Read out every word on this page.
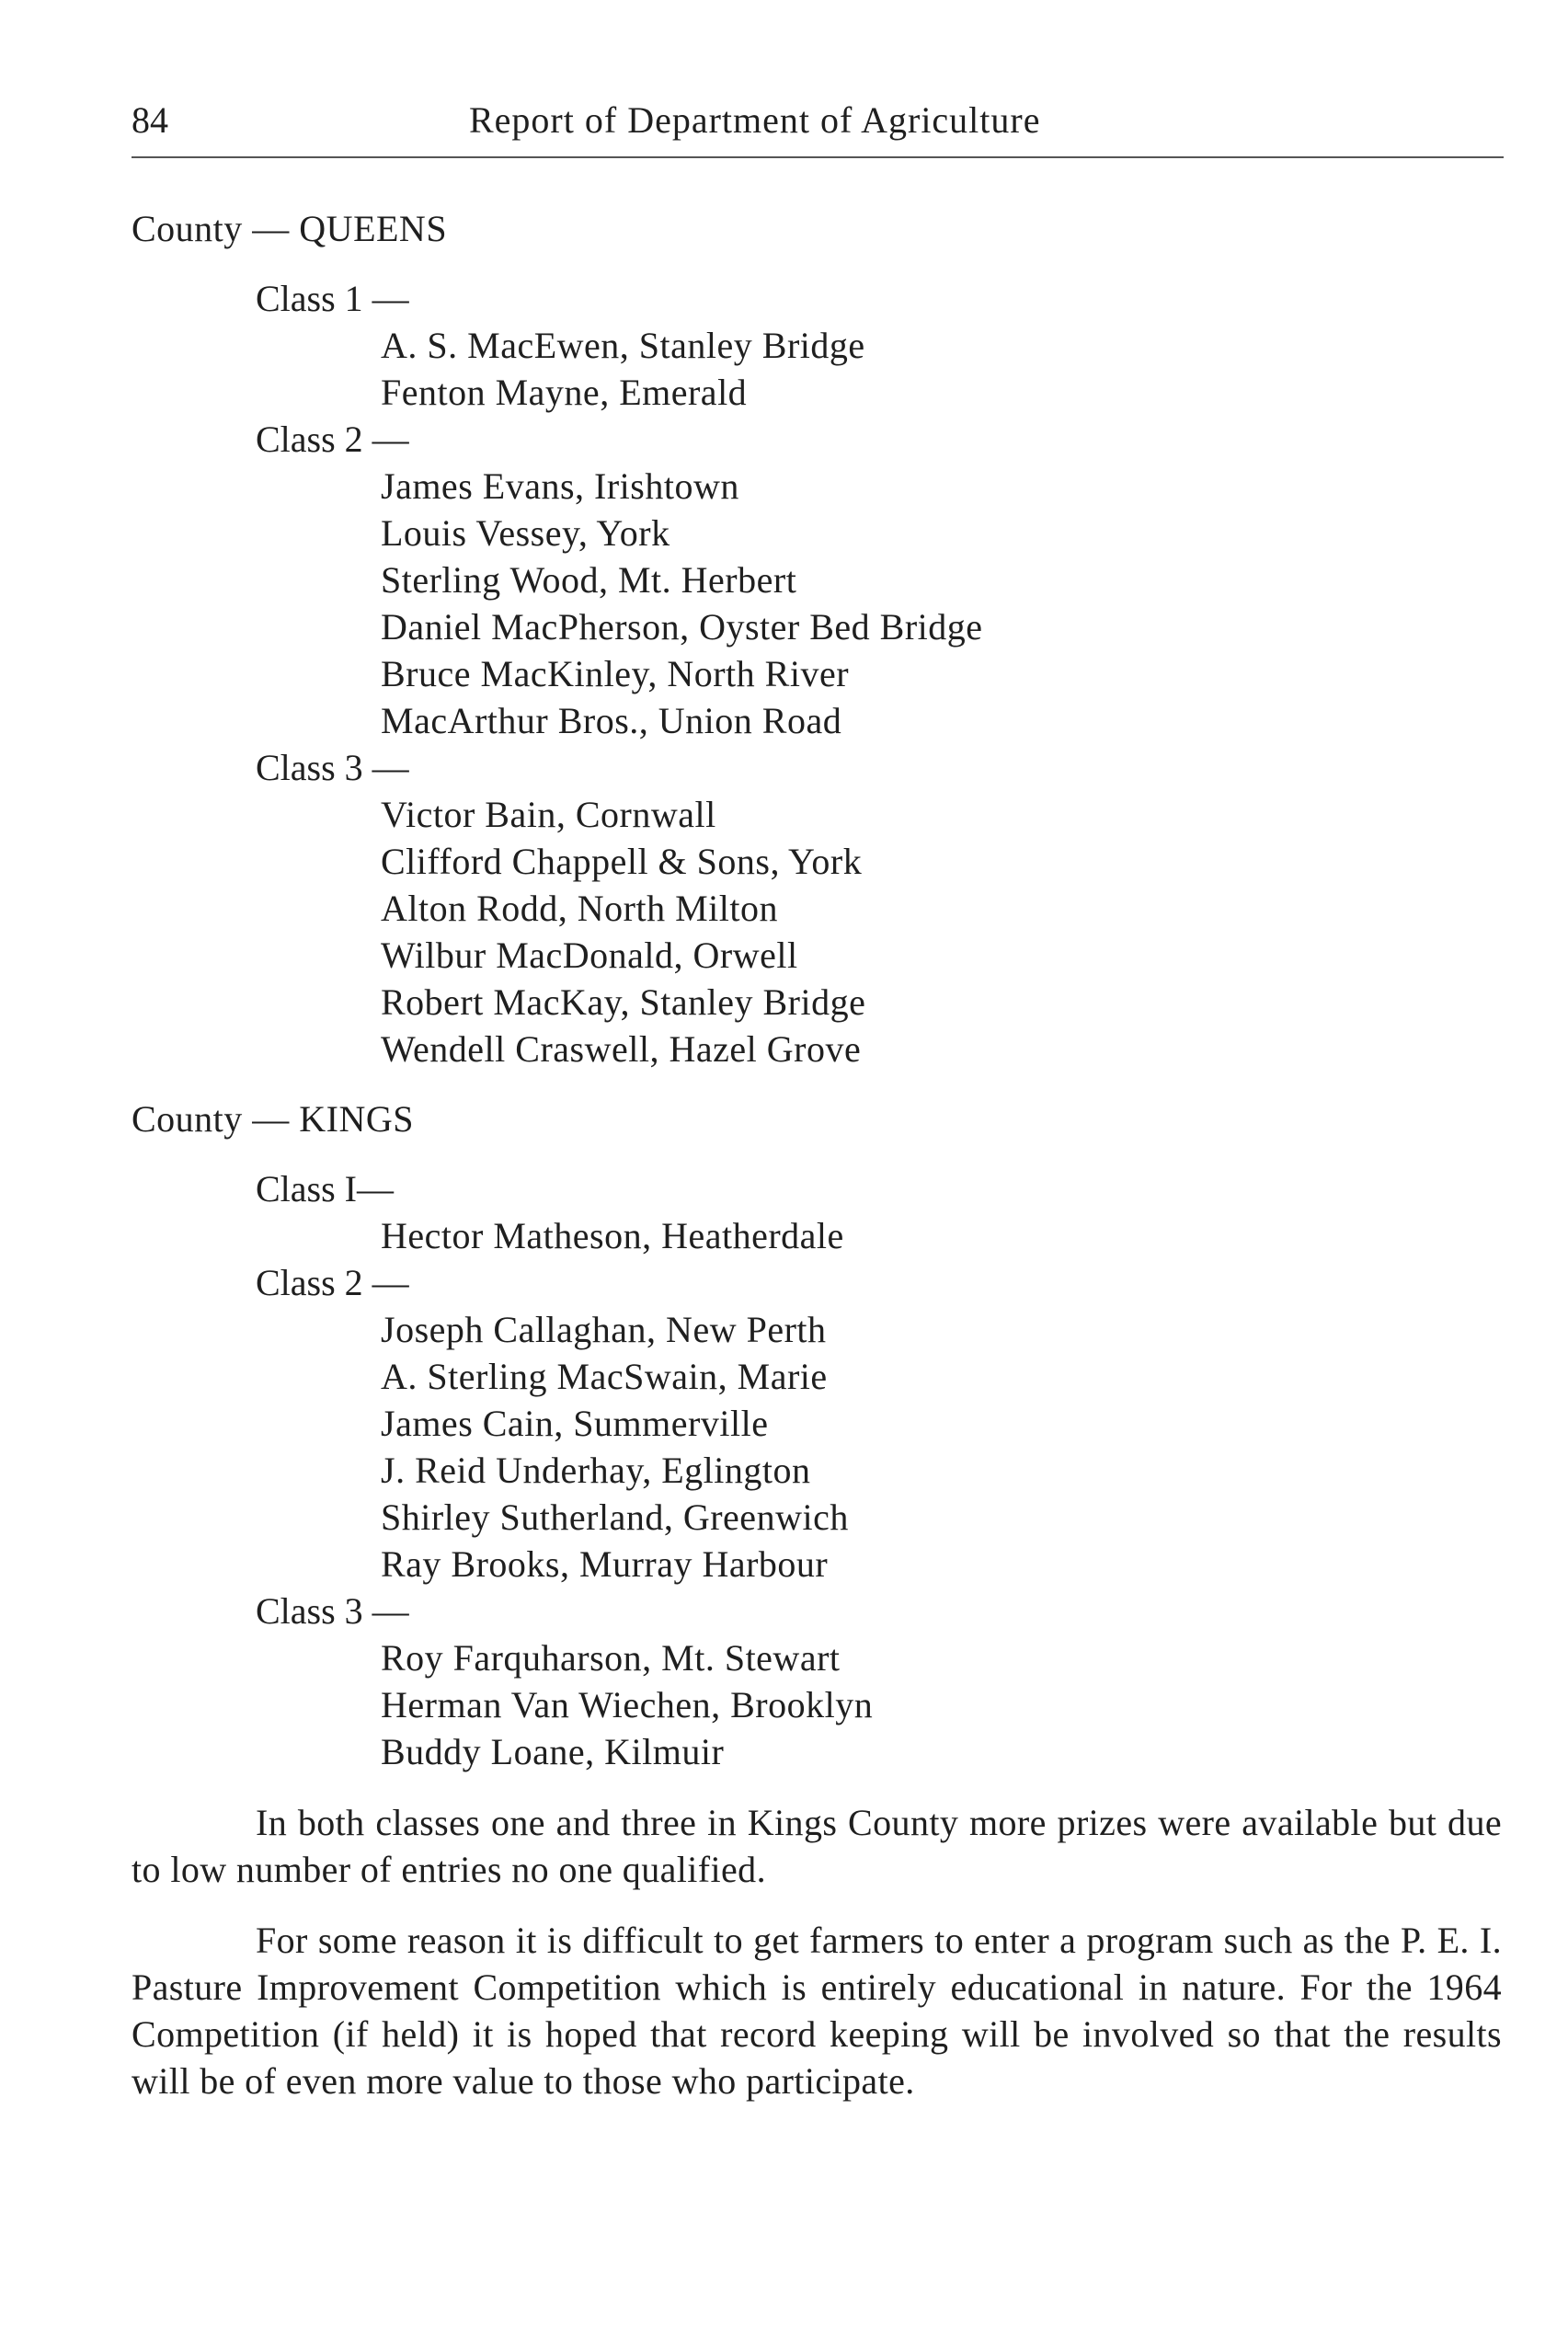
84	Report of Department of Agriculture
County — QUEENS
Class 1 —
A. S. MacEwen, Stanley Bridge
Fenton Mayne, Emerald
Class 2 —
James Evans, Irishtown
Louis Vessey, York
Sterling Wood, Mt. Herbert
Daniel MacPherson, Oyster Bed Bridge
Bruce MacKinley, North River
MacArthur Bros., Union Road
Class 3 —
Victor Bain, Cornwall
Clifford Chappell & Sons, York
Alton Rodd, North Milton
Wilbur MacDonald, Orwell
Robert MacKay, Stanley Bridge
Wendell Craswell, Hazel Grove
County — KINGS
Class I—
Hector Matheson, Heatherdale
Class 2 —
Joseph Callaghan, New Perth
A. Sterling MacSwain, Marie
James Cain, Summerville
J. Reid Underhay, Eglington
Shirley Sutherland, Greenwich
Ray Brooks, Murray Harbour
Class 3 —
Roy Farquharson, Mt. Stewart
Herman Van Wiechen, Brooklyn
Buddy Loane, Kilmuir

In both classes one and three in Kings County more prizes were available but due to low number of entries no one qualified.

For some reason it is difficult to get farmers to enter a program such as the P. E. I. Pasture Improvement Competition which is entirely educational in nature. For the 1964 Competition (if held) it is hoped that record keeping will be involved so that the results will be of even more value to those who participate.
